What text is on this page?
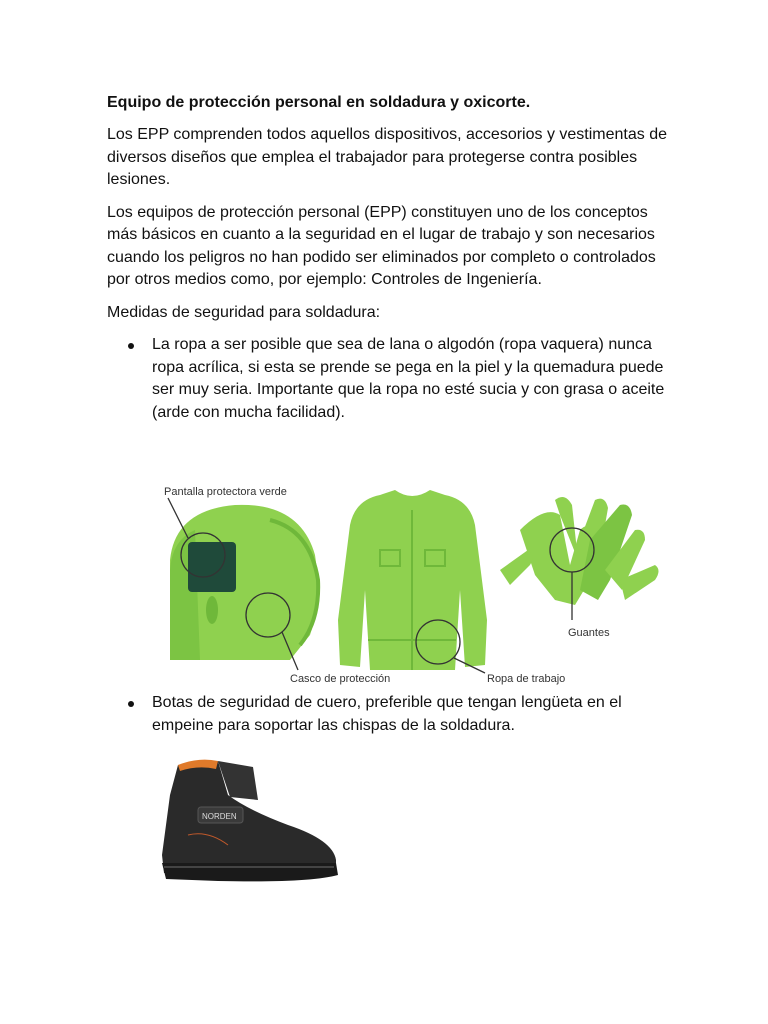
Equipo de protección personal en soldadura y oxicorte.

Los EPP comprenden todos aquellos dispositivos, accesorios y vestimentas de diversos diseños que emplea el trabajador para protegerse contra posibles lesiones.

Los equipos de protección personal (EPP) constituyen uno de los conceptos más básicos en cuanto a la seguridad en el lugar de trabajo y son necesarios cuando los peligros no han podido ser eliminados por completo o controlados por otros medios como, por ejemplo: Controles de Ingeniería.

Medidas de seguridad para soldadura:

La ropa a ser posible que sea de lana o algodón (ropa vaquera) nunca ropa acrílica, si esta se prende se pega en la piel y la quemadura puede ser muy seria. Importante que la ropa no esté sucia y con grasa o aceite (arde con mucha facilidad).
Pantalla protectora verde
Casco de protección	Ropa de trabajo
Guantes
Botas de seguridad de cuero, preferible que tengan lengüeta en el empeine para soportar las chispas de la soldadura.
NORDEN
